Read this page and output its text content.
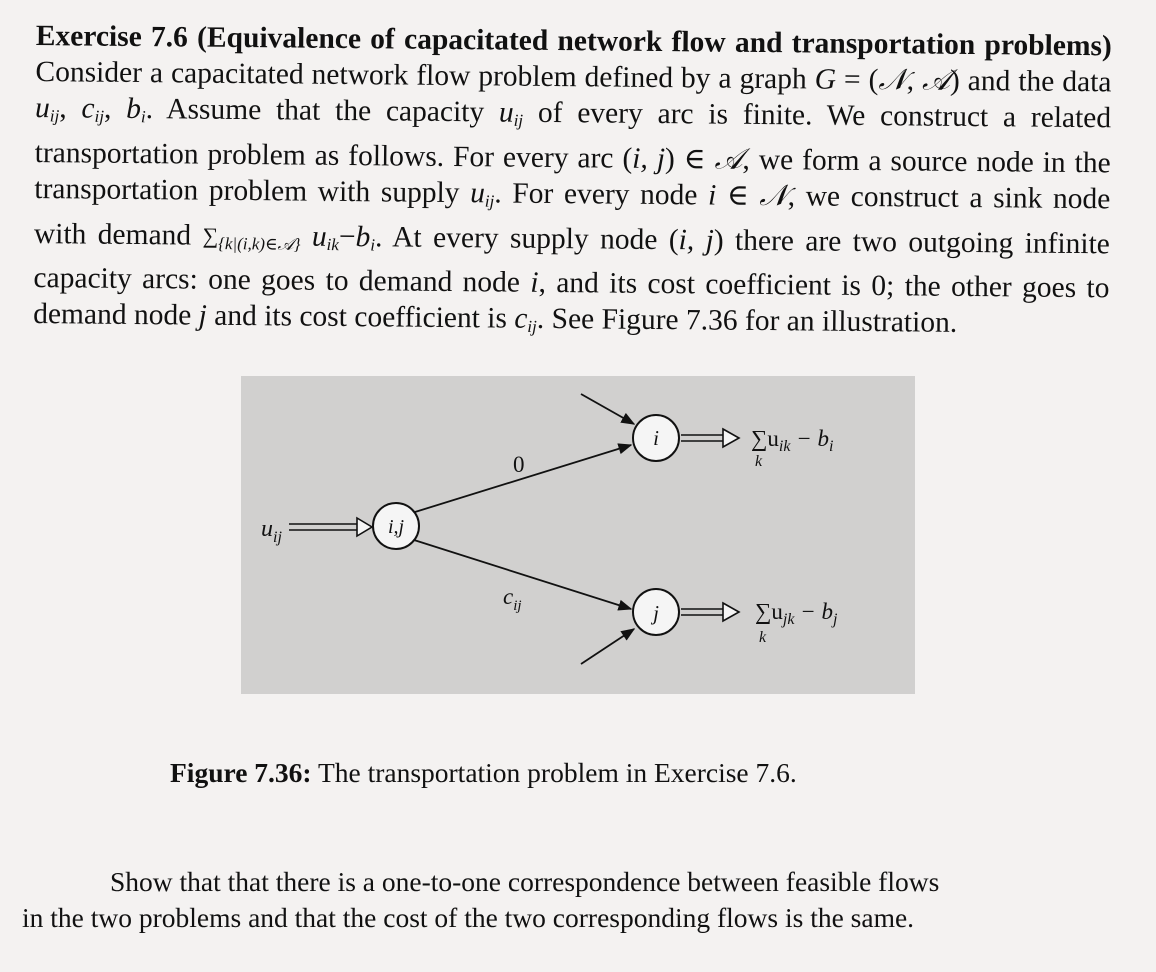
Exercise 7.6 (Equivalence of capacitated network flow and transportation problems) Consider a capacitated network flow problem defined by a graph G = (𝒩, 𝒜) and the data $u_{ij}$, $c_{ij}$, $b_i$. Assume that the capacity $u_{ij}$ of every arc is finite. We construct a related transportation problem as follows. For every arc (i, j) ∈ 𝒜, we form a source node in the transportation problem with supply $u_{ij}$. For every node i ∈ 𝒩, we construct a sink node with demand $\sum_{\{k|(i,k)\in 𝒜\}}$ $u_{ik}-b_i$. At every supply node (i, j) there are two outgoing infinite capacity arcs: one goes to demand node i, and its cost coefficient is 0; the other goes to demand node j and its cost coefficient is $c_{ij}$. See Figure 7.36 for an illustration.
$u_{ij}$	i,j
0
$c_{ij}$
i
j
$\sum u_{ik} - b_i$
k
$\sum u_{jk} - b_j$
k
Figure 7.36: The transportation problem in Exercise 7.6.
Show that that there is a one-to-one correspondence between feasible flows
in the two problems and that the cost of the two corresponding flows is the same.
